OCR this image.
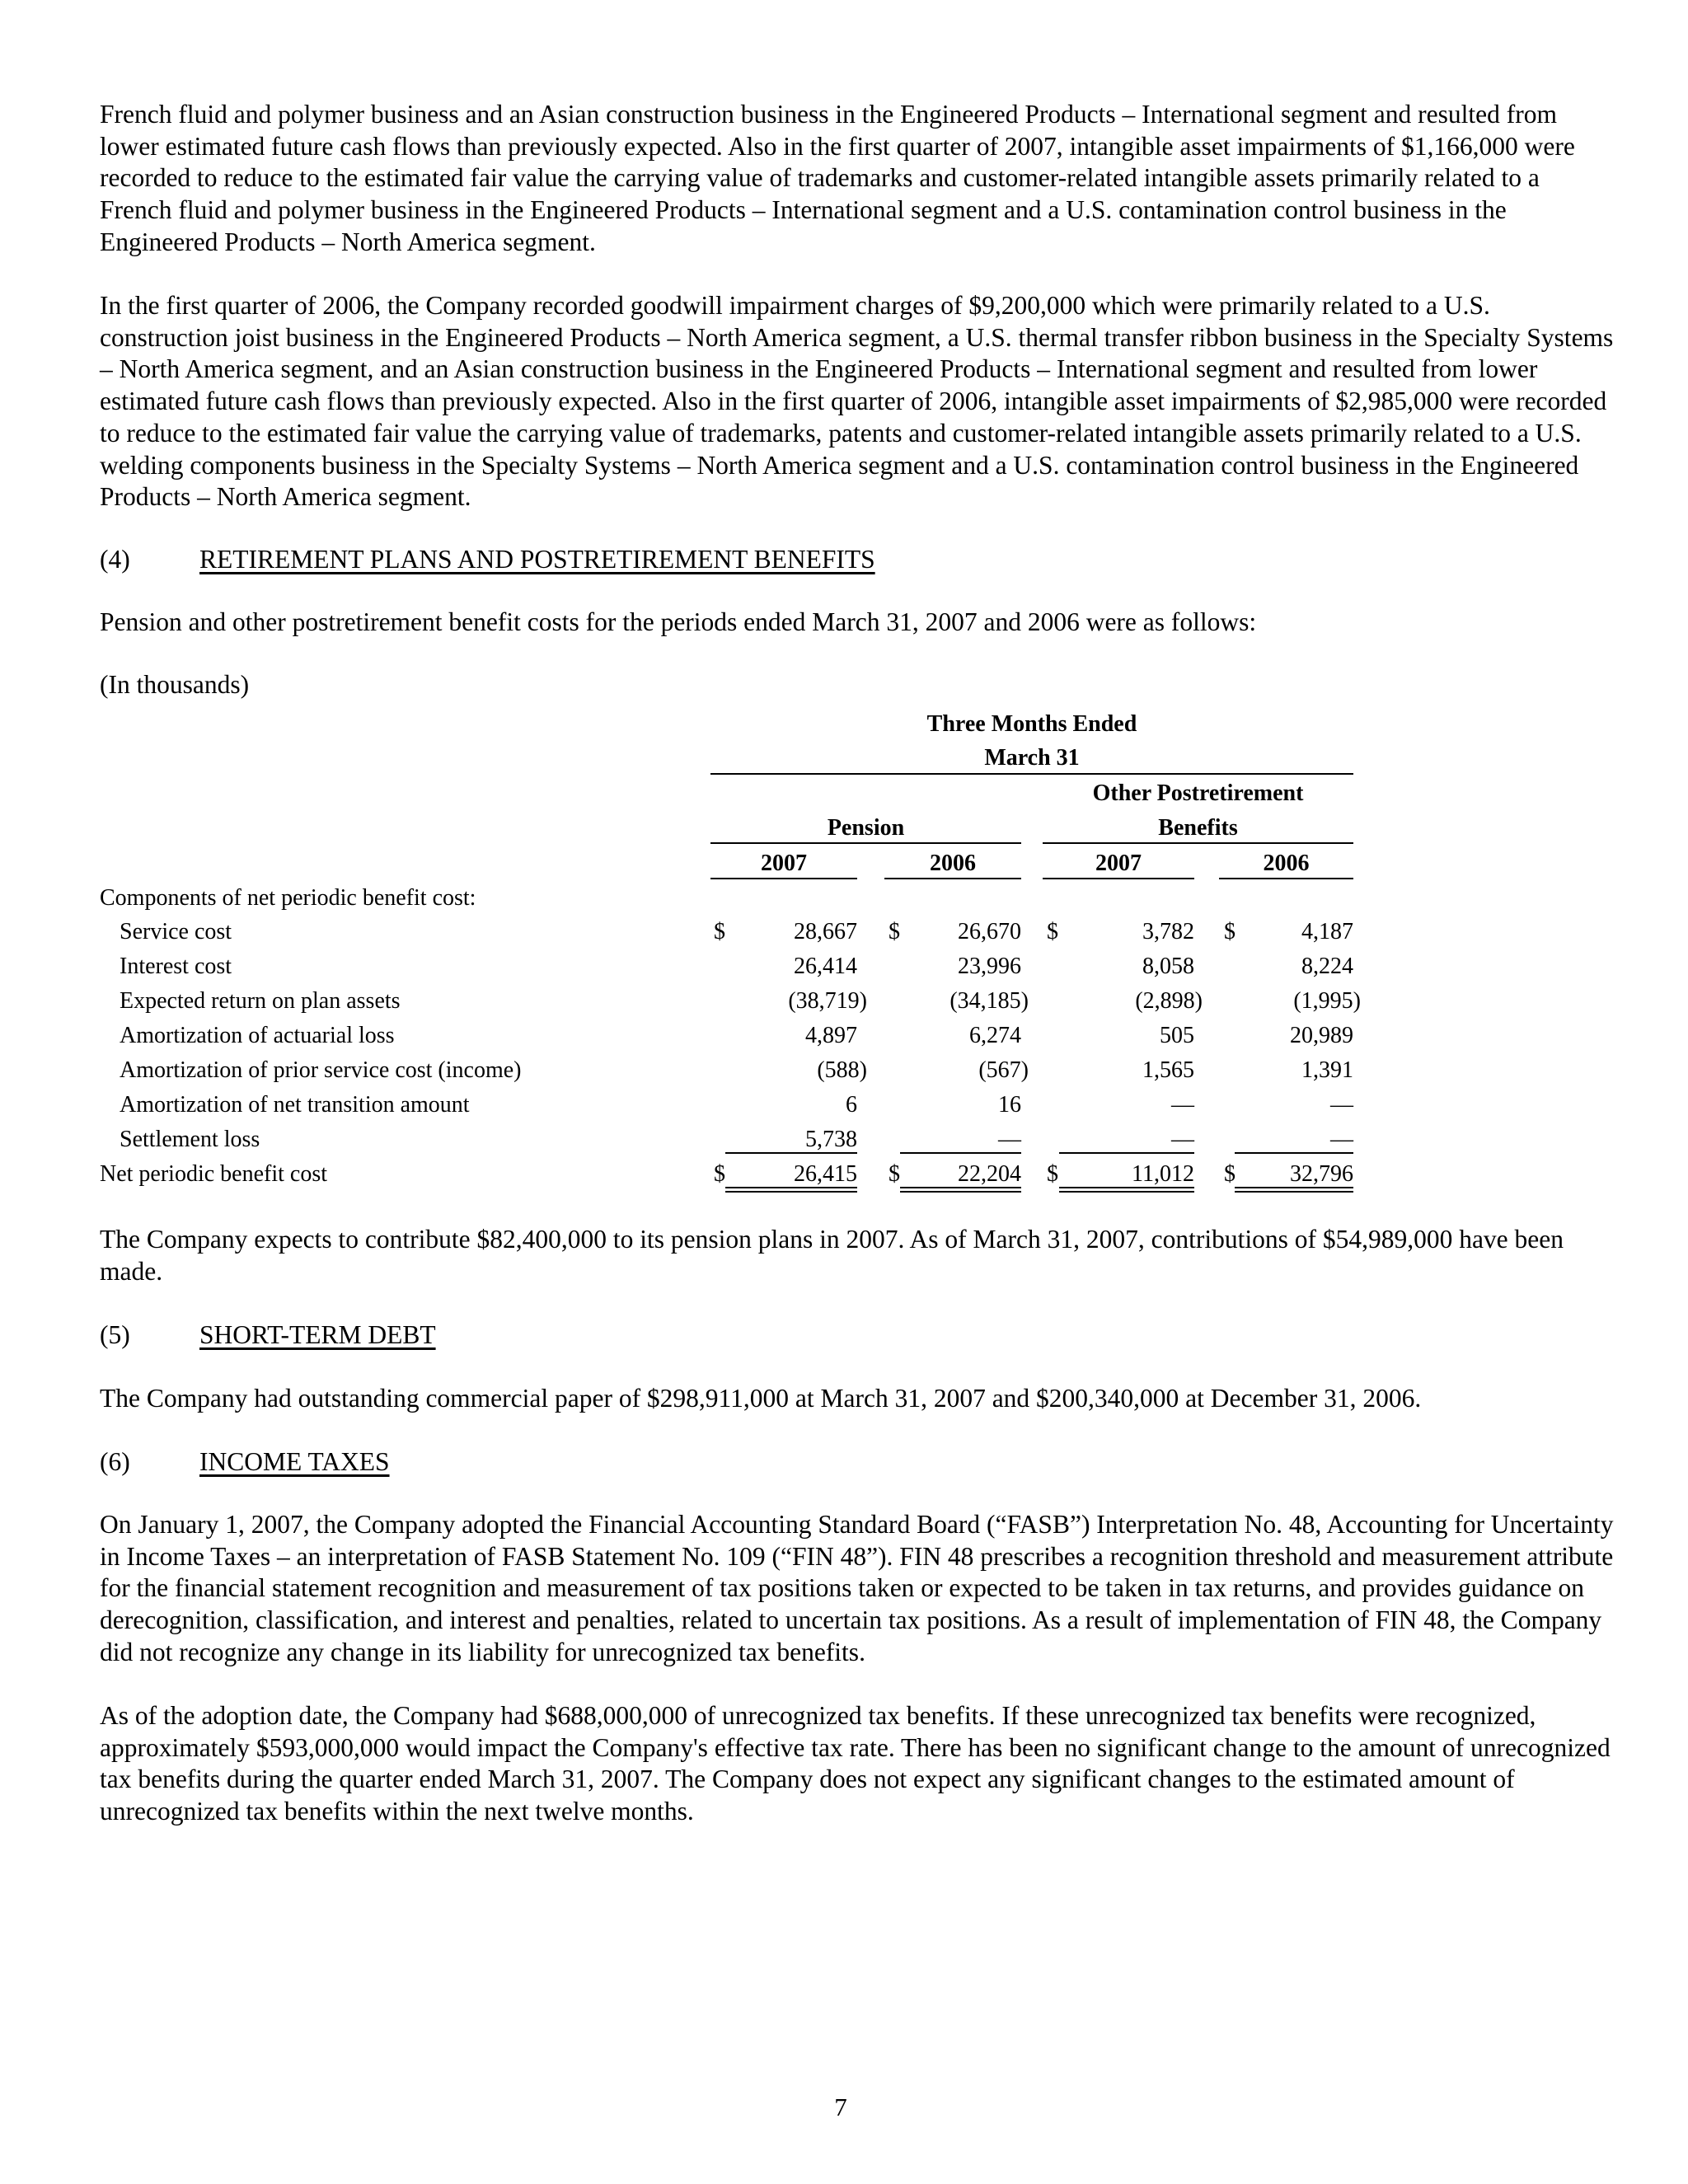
French fluid and polymer business and an Asian construction business in the Engineered Products – International segment and resulted from lower estimated future cash flows than previously expected. Also in the first quarter of 2007, intangible asset impairments of $1,166,000 were recorded to reduce to the estimated fair value the carrying value of trademarks and customer-related intangible assets primarily related to a French fluid and polymer business in the Engineered Products – International segment and a U.S. contamination control business in the Engineered Products – North America segment.

In the first quarter of 2006, the Company recorded goodwill impairment charges of $9,200,000 which were primarily related to a U.S. construction joist business in the Engineered Products – North America segment, a U.S. thermal transfer ribbon business in the Specialty Systems – North America segment, and an Asian construction business in the Engineered Products – International segment and resulted from lower estimated future cash flows than previously expected. Also in the first quarter of 2006, intangible asset impairments of $2,985,000 were recorded to reduce to the estimated fair value the carrying value of trademarks, patents and customer-related intangible assets primarily related to a U.S. welding components business in the Specialty Systems – North America segment and a U.S. contamination control business in the Engineered Products – North America segment.

(4)	RETIREMENT PLANS AND POSTRETIREMENT BENEFITS

Pension and other postretirement benefit costs for the periods ended March 31, 2007 and 2006 were as follows:

(In thousands)

Three Months Ended
March 31
Other Postretirement
Pension	Benefits
2007	2006	2007	2006
Components of net periodic benefit cost:
Service cost	$	28,667 $	26,670 $	3,782 $	4,187
Interest cost	26,414	23,996	8,058	8,224
Expected return on plan assets	(38,719)	(34,185)	(2,898)	(1,995)
Amortization of actuarial loss	4,897	6,274	505	20,989
Amortization of prior service cost (income)	(588)	(567)	1,565	1,391
Amortization of net transition amount	6	16	—	—
Settlement loss	5,738	—	—	—
Net periodic benefit cost	$	26,415 $	22,204 $	11,012 $	32,796

The Company expects to contribute $82,400,000 to its pension plans in 2007. As of March 31, 2007, contributions of $54,989,000 have been made.

(5)	SHORT-TERM DEBT

The Company had outstanding commercial paper of $298,911,000 at March 31, 2007 and $200,340,000 at December 31, 2006.

(6)	INCOME TAXES

On January 1, 2007, the Company adopted the Financial Accounting Standard Board (“FASB”) Interpretation No. 48, Accounting for Uncertainty in Income Taxes – an interpretation of FASB Statement No. 109 (“FIN 48”). FIN 48 prescribes a recognition threshold and measurement attribute for the financial statement recognition and measurement of tax positions taken or expected to be taken in tax returns, and provides guidance on derecognition, classification, and interest and penalties, related to uncertain tax positions. As a result of implementation of FIN 48, the Company did not recognize any change in its liability for unrecognized tax benefits.

As of the adoption date, the Company had $688,000,000 of unrecognized tax benefits. If these unrecognized tax benefits were recognized, approximately $593,000,000 would impact the Company's effective tax rate. There has been no significant change to the amount of unrecognized tax benefits during the quarter ended March 31, 2007. The Company does not expect any significant changes to the estimated amount of unrecognized tax benefits within the next twelve months.

7
